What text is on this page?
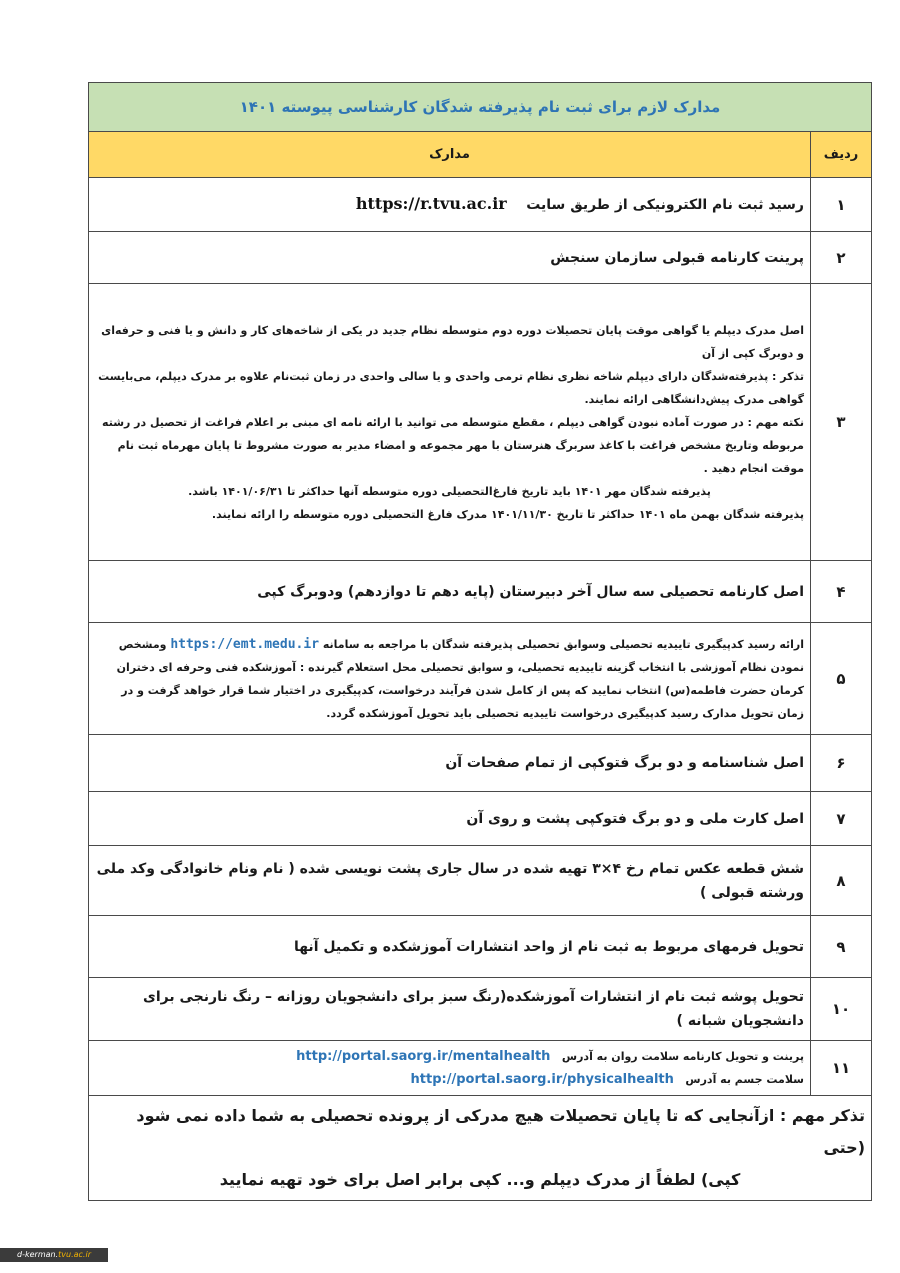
مدارک لازم برای ثبت نام پذیرفته شدگان کارشناسی پیوسته ۱۴۰۱	
ردیف	مدارک
۱	رسید ثبت نام الکترونیکی از طریق سایت    https://r.tvu.ac.ir
۲	پرینت کارنامه قبولی سازمان سنجش
۳	اصل مدرک دیپلم یا گواهی موقت پایان تحصیلات دوره دوم متوسطه نظام جدید در یکی از شاخه‌های کار و دانش و یا فنی و حرفه‌ای و دوبرگ کپی از آن
تذکر : پذیرفته‌شدگان دارای دیپلم شاخه نظری نظام ترمی واحدی و یا سالی واحدی در زمان ثبت‌نام علاوه بر مدرک دیپلم، می‌بایست گواهی مدرک پیش‌دانشگاهی ارائه نمایند.
نکته مهم : در صورت آماده نبودن گواهی دیپلم ، مقطع متوسطه می توانید با ارائه نامه ای مبنی بر اعلام فراغت از تحصیل در رشته مربوطه وتاریخ مشخص فراغت با کاغذ سربرگ هنرستان با مهر مجموعه و امضاء مدیر به صورت مشروط تا پایان مهرماه ثبت نام موقت انجام دهید .
پذیرفته شدگان مهر ۱۴۰۱ باید تاریخ فارغ‌التحصیلی دوره متوسطه آنها حداکثر تا ۱۴۰۱/۰۶/۳۱ باشد.
پذیرفته شدگان بهمن ماه ۱۴۰۱ حداکثر تا تاریخ ۱۴۰۱/۱۱/۳۰ مدرک فارغ التحصیلی دوره متوسطه را ارائه نمایند.

۴	اصل کارنامه تحصیلی سه سال آخر دبیرستان (پایه دهم تا دوازدهم) ودوبرگ کپی
۵	ارائه رسید کدپیگیری تاییدیه تحصیلی وسوابق تحصیلی پذیرفته شدگان با مراجعه به سامانه https://emt.medu.ir ومشخص نمودن نظام آموزشی با انتخاب گزینه تاییدیه تحصیلی، و سوابق تحصیلی محل استعلام گیرنده : آموزشکده فنی وحرفه ای دختران کرمان حضرت فاطمه(س) انتخاب نمایید که پس از کامل شدن فرآیند درخواست، کدپیگیری در اختیار شما قرار خواهد گرفت و در زمان تحویل مدارک رسید کدپیگیری درخواست تاییدیه تحصیلی باید تحویل آموزشکده گردد.
۶	اصل شناسنامه و دو برگ فتوکپی از تمام صفحات آن
۷	اصل کارت ملی و دو برگ فتوکپی پشت و روی آن
۸	شش قطعه عکس تمام رخ ۴×۳ تهیه شده در سال جاری پشت نویسی شده ( نام ونام خانوادگی وکد ملی ورشته قبولی )
۹	تحویل فرمهای مربوط به ثبت نام از واحد انتشارات آموزشکده و تکمیل آنها
۱۰	تحویل پوشه ثبت نام از انتشارات آموزشکده(رنگ سبز برای دانشجویان روزانه – رنگ نارنجی برای دانشجویان شبانه )
۱۱	پرینت و تحویل کارنامه سلامت روان به آدرس   http://portal.saorg.ir/mentalhealth
سلامت جسم به آدرس   http://portal.saorg.ir/physicalhealth

تذکر مهم : ازآنجایی که تا پایان تحصیلات هیچ مدرکی از پرونده تحصیلی به شما داده نمی شود (حتی
کپی) لطفاً از مدرک دیپلم و... کپی برابر اصل برای خود تهیه نمایید	
d-kerman.tvu.ac.ir
